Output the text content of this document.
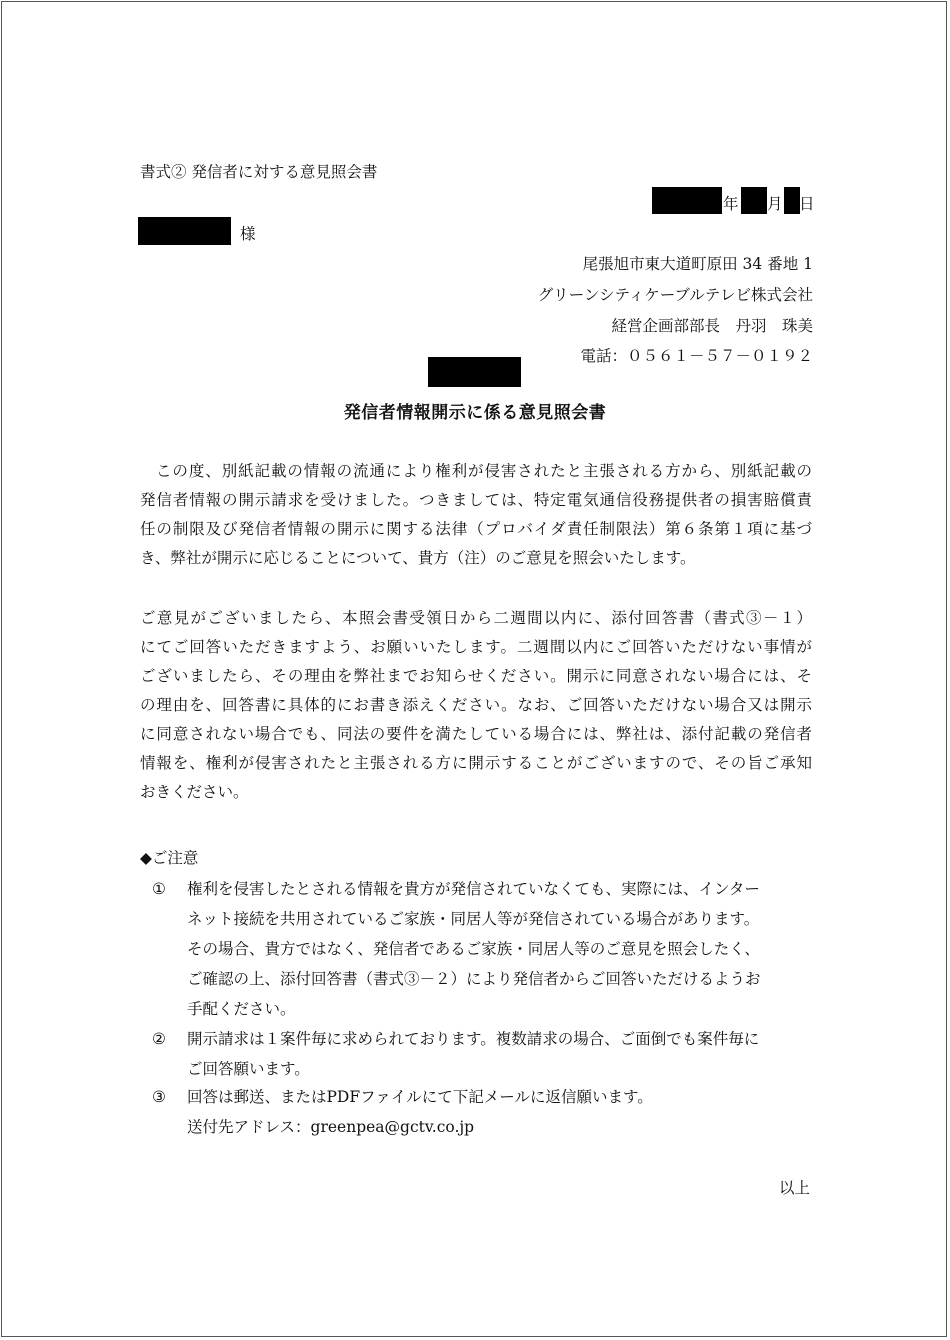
書式② 発信者に対する意見照会書
年 月 日
様
尾張旭市東大道町原田 34 番地 1
グリーンシティケーブルテレビ株式会社
経営企画部部長　丹羽　珠美
電話：０５６１－５７－０１９２
発信者情報開示に係る意見照会書
この度、別紙記載の情報の流通により権利が侵害されたと主張される方から、別紙記載の
発信者情報の開示請求を受けました。つきましては、特定電気通信役務提供者の損害賠償責
任の制限及び発信者情報の開示に関する法律（プロバイダ責任制限法）第６条第１項に基づ
き、弊社が開示に応じることについて、貴方（注）のご意見を照会いたします。
ご意見がございましたら、本照会書受領日から二週間以内に、添付回答書（書式③－１）
にてご回答いただきますよう、お願いいたします。二週間以内にご回答いただけない事情が
ございましたら、その理由を弊社までお知らせください。開示に同意されない場合には、そ
の理由を、回答書に具体的にお書き添えください。なお、ご回答いただけない場合又は開示
に同意されない場合でも、同法の要件を満たしている場合には、弊社は、添付記載の発信者
情報を、権利が侵害されたと主張される方に開示することがございますので、その旨ご承知
おきください。
◆ご注意
① 権利を侵害したとされる情報を貴方が発信されていなくても、実際には、インター
ネット接続を共用されているご家族・同居人等が発信されている場合があります。
その場合、貴方ではなく、発信者であるご家族・同居人等のご意見を照会したく、
ご確認の上、添付回答書（書式③－２）により発信者からご回答いただけるようお
手配ください。
② 開示請求は１案件毎に求められております。複数請求の場合、ご面倒でも案件毎に
ご回答願います。
③ 回答は郵送、またはPDFファイルにて下記メールに返信願います。
送付先アドレス：greenpea@gctv.co.jp
以上
